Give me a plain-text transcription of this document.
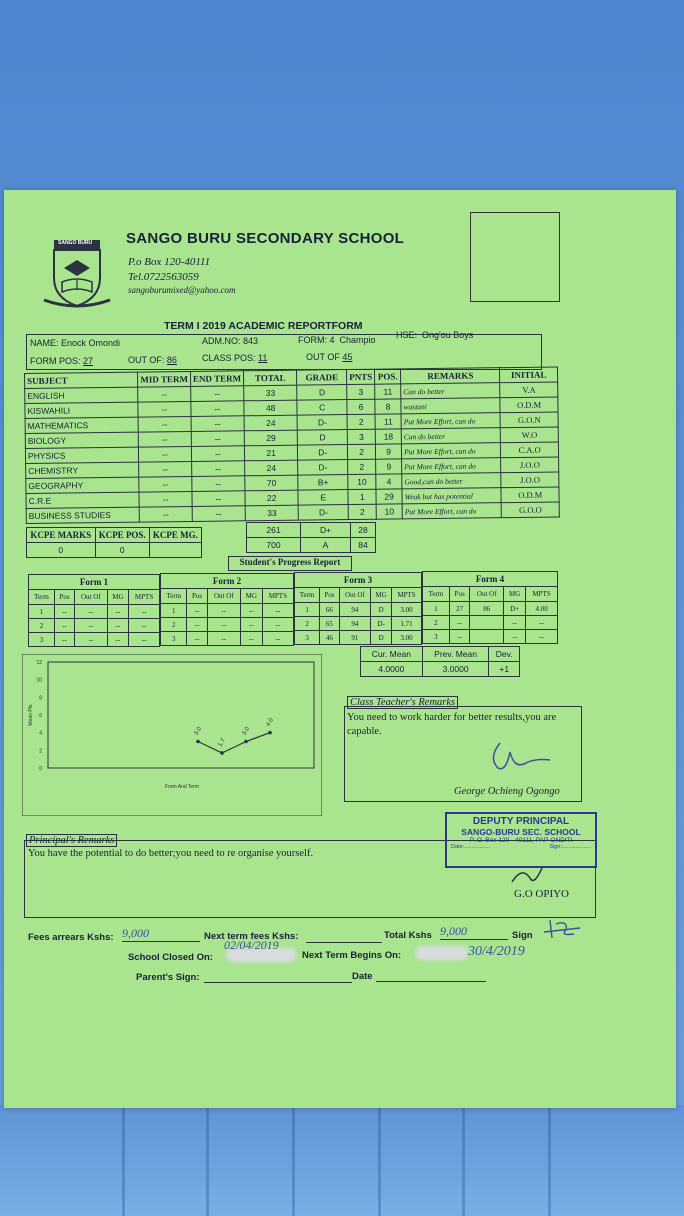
SANGO BURU SANGO BURU SECONDARY SCHOOL
P.o Box 120-40111
Tel.0722563059
sangoburumixed@yahoo.com
TERM I 2019 ACADEMIC REPORTFORM
NAME: Enock Omondi	ADM.NO: 843	FORM: 4 Champio HSE: Ong'ou Boys
FORM POS: 27	OUT OF: 86	CLASS POS: 11	OUT OF 45
SUBJECT	MID TERM	END TERM	TOTAL	GRADE	PNTS	POS.	REMARKS	INITIAL
ENGLISH	--	--	33	D	3	11	Can do better	V.A
KISWAHILI	--	--	48	C	6	8	wastani	O.D.M
MATHEMATICS	--	--	24	D-	2	11	Put More Effort, can do	G.O.N
BIOLOGY	--	--	29	D	3	18	Can do better	W.O
PHYSICS	--	--	21	D-	2	9	Put More Effort, can do	C.A.O
CHEMISTRY	--	--	24	D-	2	9	Put More Effort, can do	J.O.O
GEOGRAPHY	--	--	70	B+	10	4	Good,can do better	J.O.O
C.R.E	--	--	22	E	1	29	Weak but has potential	O.D.M
BUSINESS STUDIES	--	--	33	D-	2	10	Put More Effort, can do	G.O.O
KCPE MARKS	KCPE POS.	KCPE MG.
0	0	
261	D+	28
700	A	84
Student's Progress Report
Form 1				
Term	Pos	Out Of	MG	MPTS
1	--	--	--	--
2	--	--	--	--
3	--	--	--	--
Form 2				
Term	Pos	Out Of	MG	MPTS
1	--	--	--	--
2	--	--	--	--
3	--	--	--	--
Form 3				
Term	Pos	Out Of	MG	MPTS
1	66	94	D	3.00
2	65	94	D-	1.71
3	46	91	D	3.00
Form 4				
Term	Pos	Out Of	MG	MPTS
1	27	86	D+	4.00
2	--		--	--
3	--		--	--
0
2
4
6
8
10
12
3.0
1.7
3.0
4.0
Mean Pts
Form And Term
Cur. Mean	Prev. Mean	Dev.
4.0000	3.0000	+1
Class Teacher's Remarks
You need to work harder for better results,you are capable.
George Ochieng Ogongo
Principal's Remarks
You have the potential to do better;you need to re organise yourself.
G.O OPIYO
DEPUTY PRINCIPAL
SANGO-BURU SEC. SCHOOL
P. O. Box 120 - 40111, PAP-ONDITI
Date:.................	Sign:...................
Fees arrears Kshs: 9,000	Next term fees Kshs:	Total Kshs 9,000	Sign
School Closed On:
02/04/2019
Next Term Begins On:	30/4/2019
Parent's Sign:	Date
